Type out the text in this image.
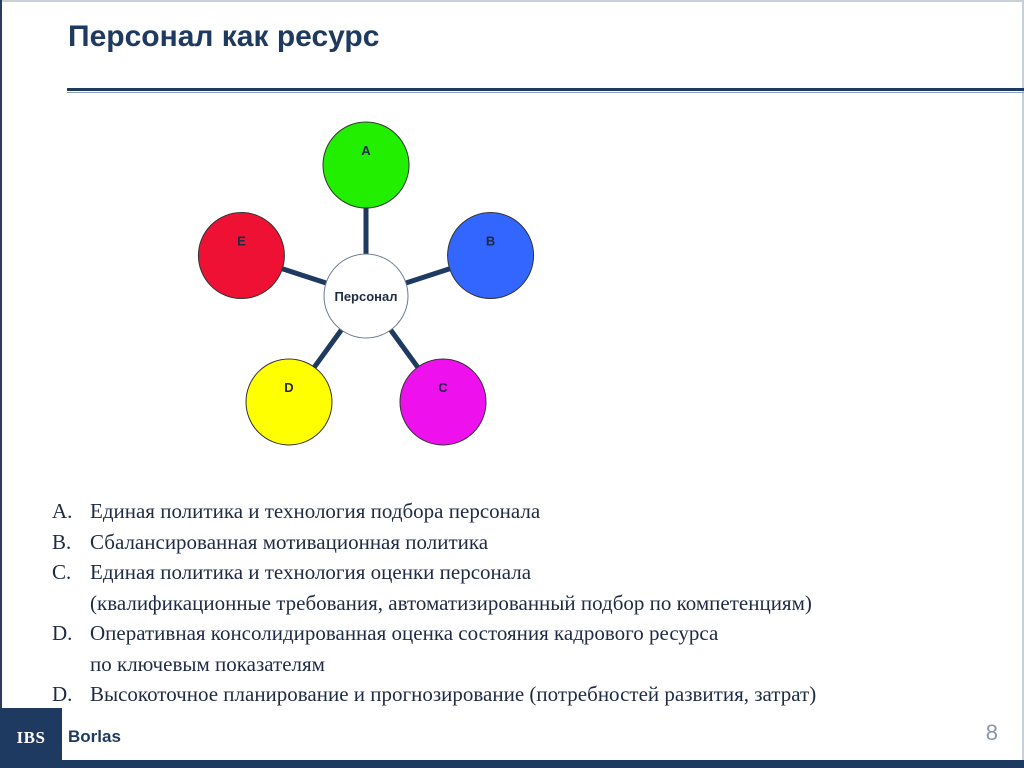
Персонал как ресурс
A
B
C
D
E
Персонал
A. Единая политика и технология подбора персонала
B. Сбалансированная мотивационная политика
C. Единая политика и технология оценки персонала
(квалификационные требования, автоматизированный подбор по компетенциям)
D. Оперативная консолидированная оценка состояния кадрового ресурса
по ключевым показателям
D. Высокоточное планирование и прогнозирование (потребностей развития, затрат)
IBS Borlas	8
